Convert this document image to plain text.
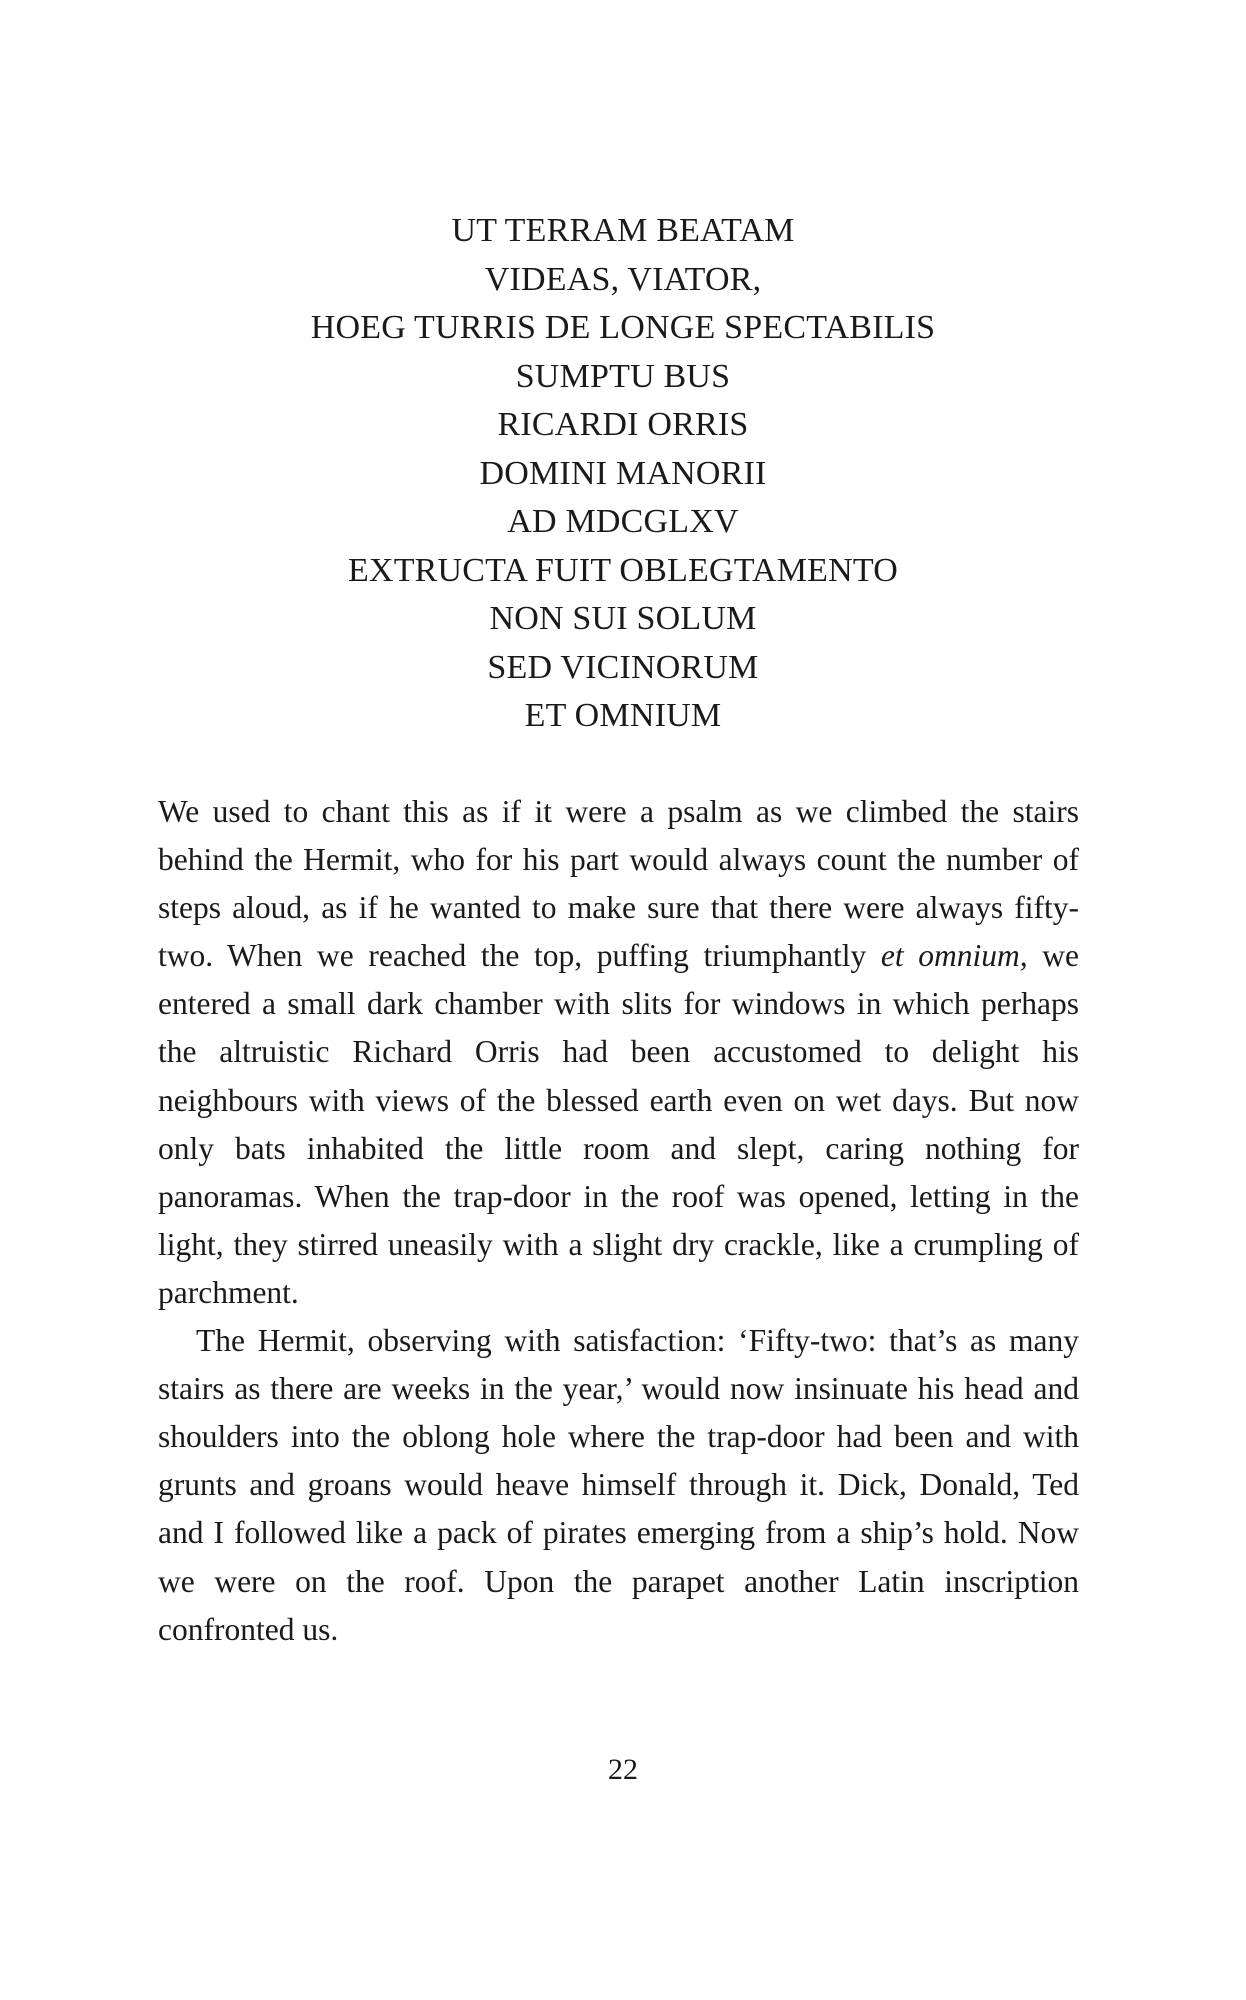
UT TERRAM BEATAM
VIDEAS, VIATOR,
HOEG TURRIS DE LONGE SPECTABILIS
SUMPTU BUS
RICARDI ORRIS
DOMINI MANORII
AD MDCGLXV
EXTRUCTA FUIT OBLEGTAMENTO
NON SUI SOLUM
SED VICINORUM
ET OMNIUM

We used to chant this as if it were a psalm as we climbed the stairs behind the Hermit, who for his part would always count the number of steps aloud, as if he wanted to make sure that there were always fifty-two. When we reached the top, puffing triumphantly et omnium, we entered a small dark chamber with slits for windows in which perhaps the altruistic Richard Orris had been accustomed to delight his neighbours with views of the blessed earth even on wet days. But now only bats inhabited the little room and slept, caring nothing for panoramas. When the trap-door in the roof was opened, letting in the light, they stirred uneasily with a slight dry crackle, like a crumpling of parchment.

The Hermit, observing with satisfaction: ‘Fifty-two: that’s as many stairs as there are weeks in the year,’ would now insinuate his head and shoulders into the oblong hole where the trap-door had been and with grunts and groans would heave himself through it. Dick, Donald, Ted and I followed like a pack of pirates emerging from a ship’s hold. Now we were on the roof. Upon the parapet another Latin inscription confronted us.

22
